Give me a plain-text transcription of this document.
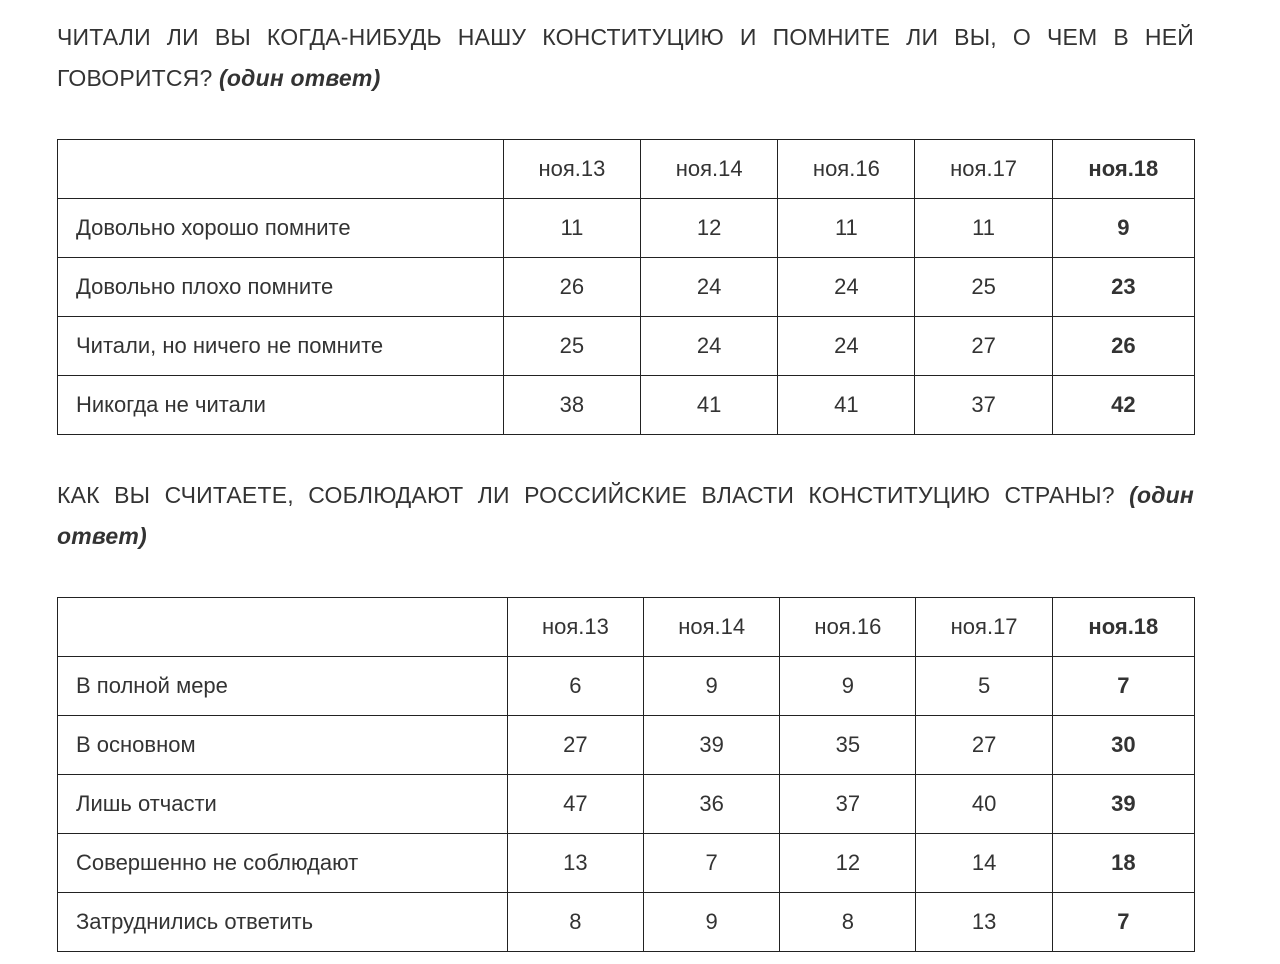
ЧИТАЛИ ЛИ ВЫ КОГДА-НИБУДЬ НАШУ КОНСТИТУЦИЮ И ПОМНИТЕ ЛИ ВЫ, О ЧЕМ В НЕЙ ГОВОРИТСЯ? (один ответ)
	ноя.13	ноя.14	ноя.16	ноя.17	ноя.18
Довольно хорошо помните	11	12	11	11	9
Довольно плохо помните	26	24	24	25	23
Читали, но ничего не помните	25	24	24	27	26
Никогда не читали	38	41	41	37	42
КАК ВЫ СЧИТАЕТЕ, СОБЛЮДАЮТ ЛИ РОССИЙСКИЕ ВЛАСТИ КОНСТИТУЦИЮ СТРАНЫ? (один ответ)
	ноя.13	ноя.14	ноя.16	ноя.17	ноя.18
В полной мере	6	9	9	5	7
В основном	27	39	35	27	30
Лишь отчасти	47	36	37	40	39
Совершенно не соблюдают	13	7	12	14	18
Затруднились ответить	8	9	8	13	7
